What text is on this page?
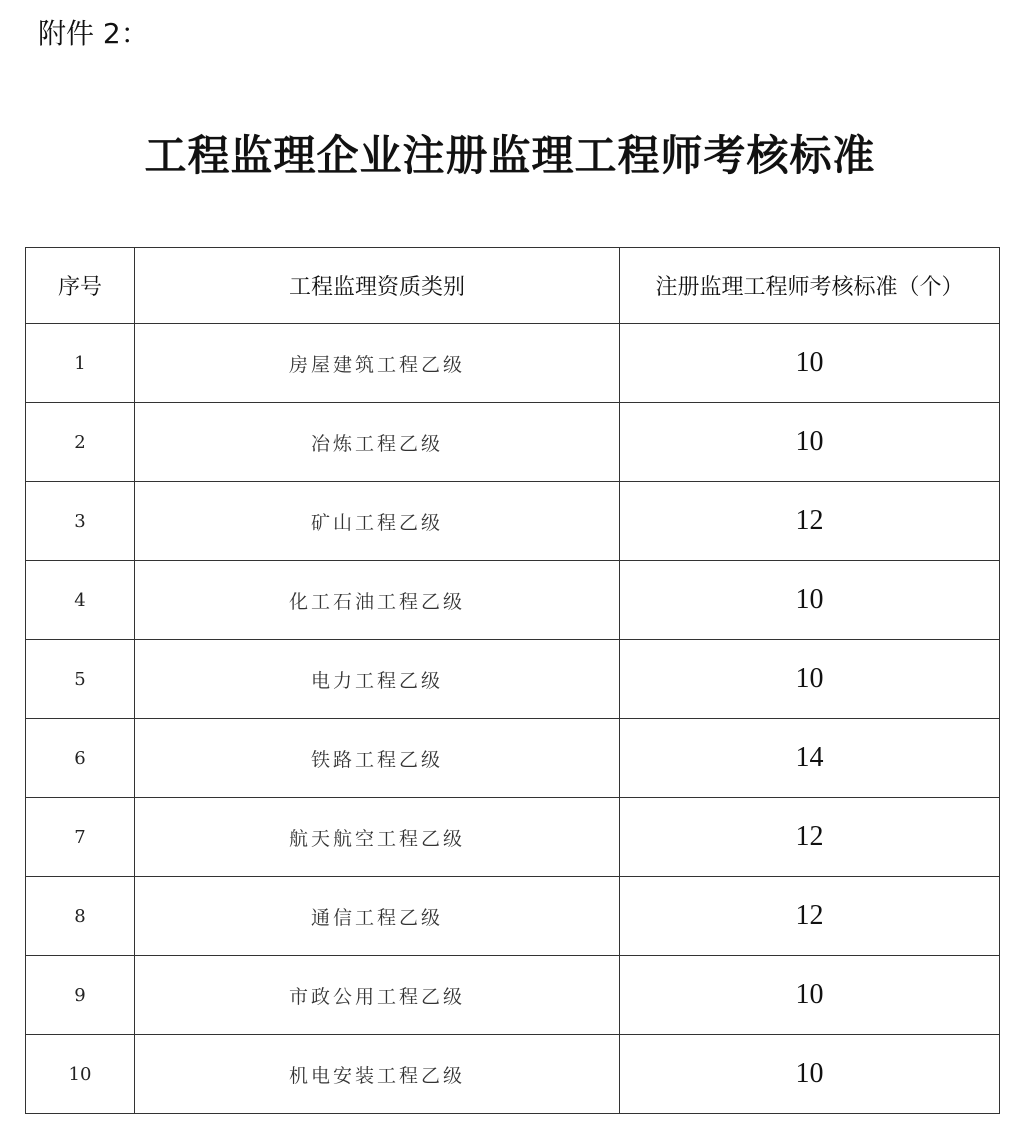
附件 2：
工程监理企业注册监理工程师考核标准
序号	工程监理资质类别	注册监理工程师考核标准（个）
1	房屋建筑工程乙级	10
2	冶炼工程乙级	10
3	矿山工程乙级	12
4	化工石油工程乙级	10
5	电力工程乙级	10
6	铁路工程乙级	14
7	航天航空工程乙级	12
8	通信工程乙级	12
9	市政公用工程乙级	10
10	机电安装工程乙级	10
